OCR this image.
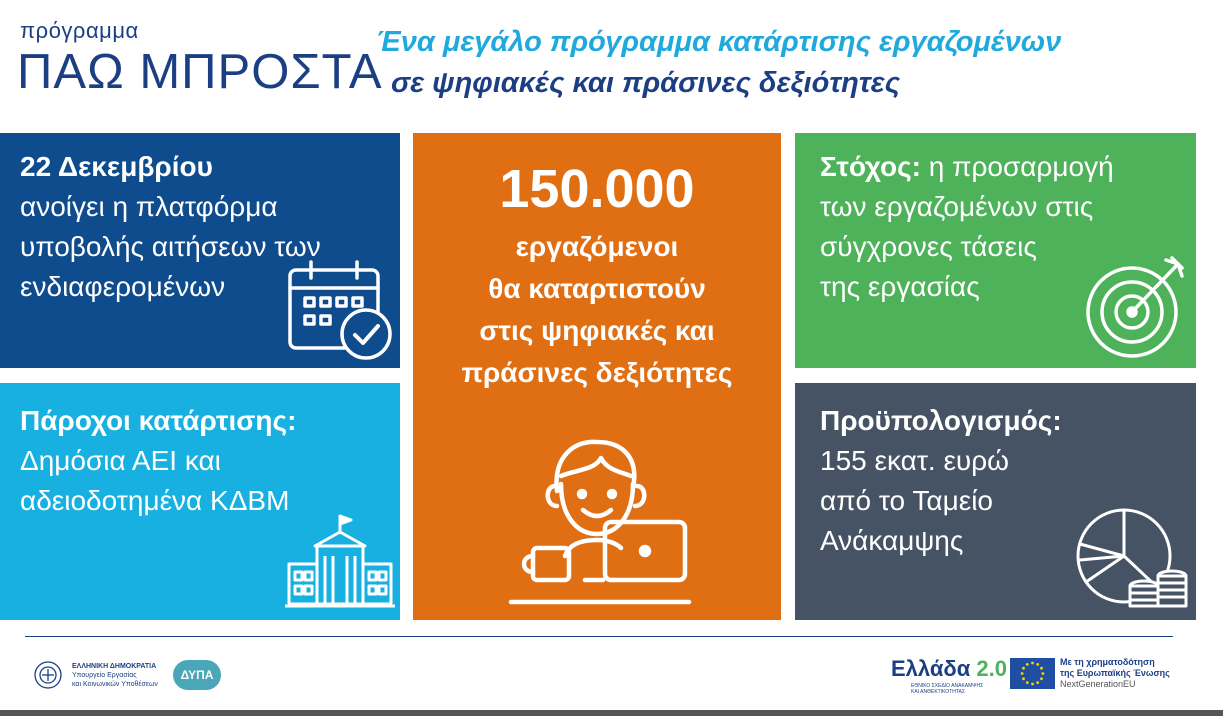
πρόγραμμα
ΠΑΩ ΜΠΡΟΣΤΑ
Ένα μεγάλο πρόγραμμα κατάρτισης εργαζομένων
σε ψηφιακές και πράσινες δεξιότητες
22 Δεκεμβρίου
ανοίγει η πλατφόρμα
υποβολής αιτήσεων των
ενδιαφερομένων
Πάροχοι κατάρτισης:
Δημόσια ΑΕΙ και
αδειοδοτημένα ΚΔΒΜ
150.000
εργαζόμενοι
θα καταρτιστούν
στις ψηφιακές και
πράσινες δεξιότητες
Στόχος: η προσαρμογή
των εργαζομένων στις
σύγχρονες τάσεις
της εργασίας
Προϋπολογισμός:
155 εκατ. ευρώ
από το Ταμείο
Ανάκαμψης
ΕΛΛΗΝΙΚΗ ΔΗΜΟΚΡΑΤΙΑ
Υπουργείο Εργασίας
και Κοινωνικών Υποθέσεων
ΔΥΠΑ	Ελλάδα 2.0
ΕΘΝΙΚΟ ΣΧΕΔΙΟ ΑΝΑΚΑΜΨΗΣ ΚΑΙ ΑΝΘΕΚΤΙΚΟΤΗΤΑΣ
Με τη χρηματοδότηση
της Ευρωπαϊκής Ένωσης
NextGenerationEU
